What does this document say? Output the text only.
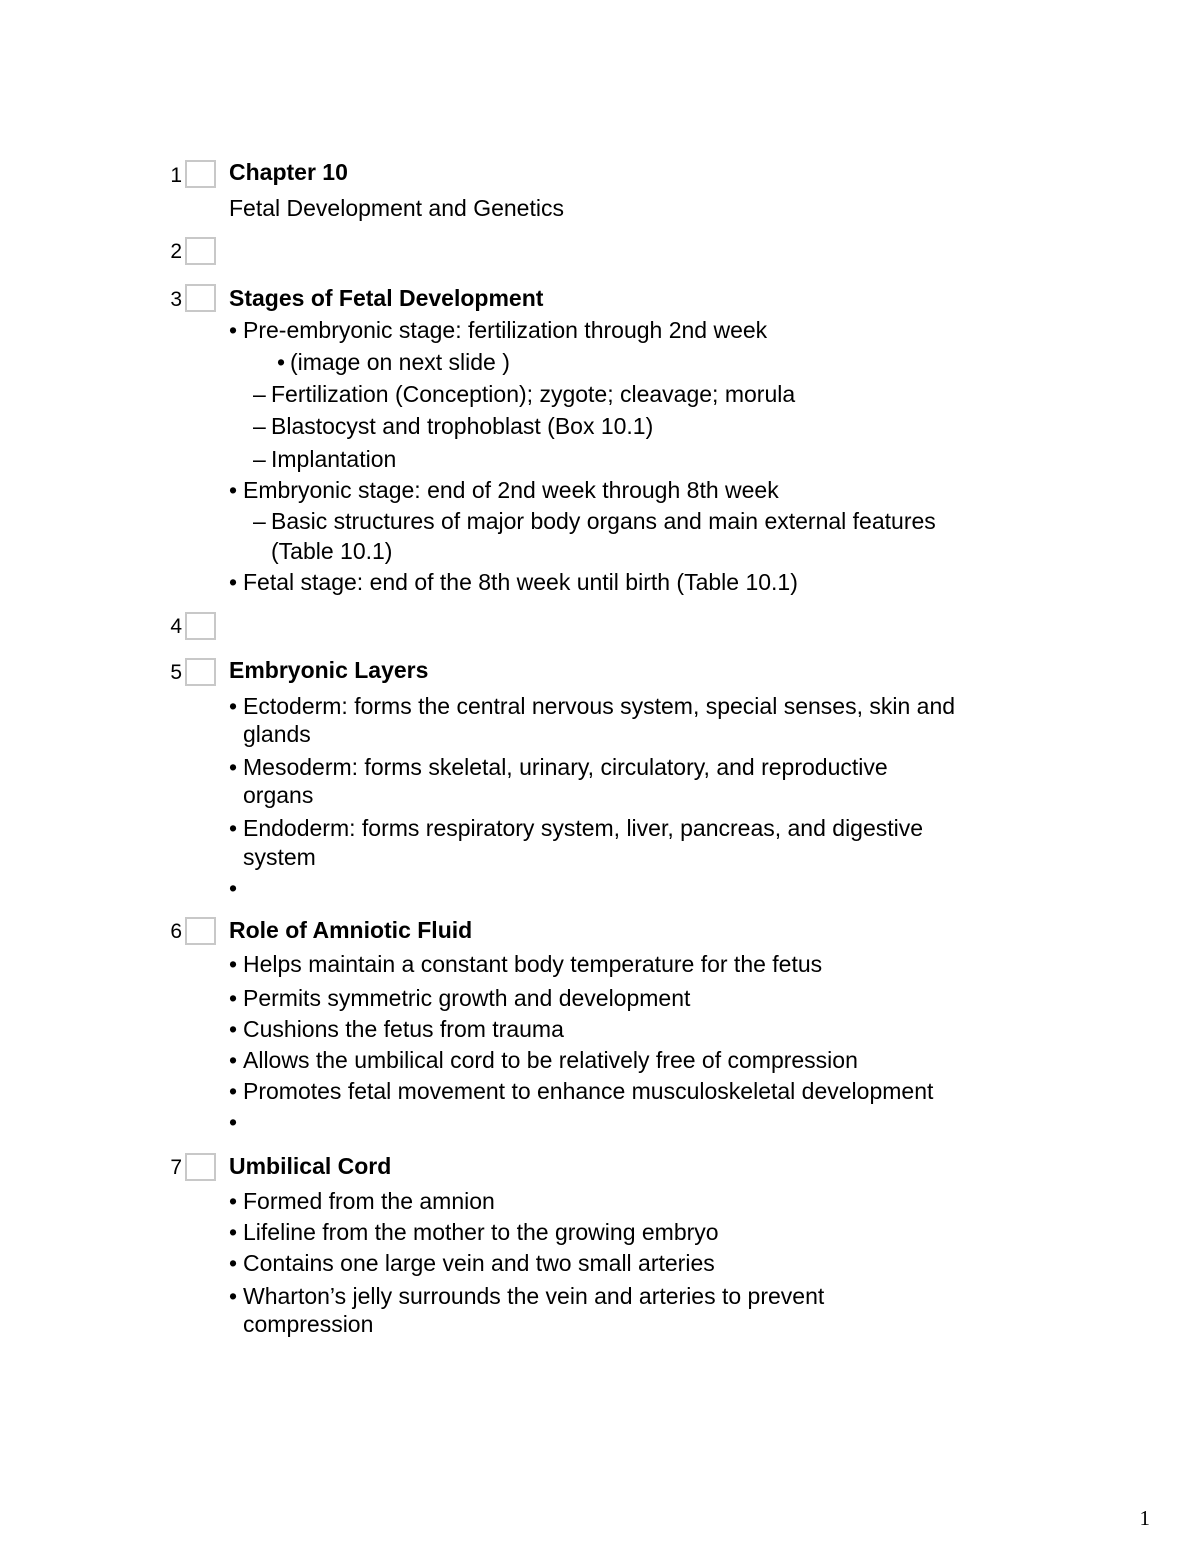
1 Chapter 10
Fetal Development and Genetics
2
3 Stages of Fetal Development
• Pre-embryonic stage: fertilization through 2nd week
• (image on next slide )
– Fertilization (Conception); zygote; cleavage; morula
– Blastocyst and trophoblast (Box 10.1)
– Implantation
• Embryonic stage: end of 2nd week through 8th week
– Basic structures of major body organs and main external features
(Table 10.1)
• Fetal stage: end of the 8th week until birth (Table 10.1)
4
5 Embryonic Layers
• Ectoderm: forms the central nervous system, special senses, skin and
glands
• Mesoderm: forms skeletal, urinary, circulatory, and reproductive
organs
• Endoderm: forms respiratory system, liver, pancreas, and digestive
system
•
6 Role of Amniotic Fluid
• Helps maintain a constant body temperature for the fetus
• Permits symmetric growth and development
• Cushions the fetus from trauma
• Allows the umbilical cord to be relatively free of compression
• Promotes fetal movement to enhance musculoskeletal development
•
7 Umbilical Cord
• Formed from the amnion
• Lifeline from the mother to the growing embryo
• Contains one large vein and two small arteries
• Wharton’s jelly surrounds the vein and arteries to prevent
compression
1
